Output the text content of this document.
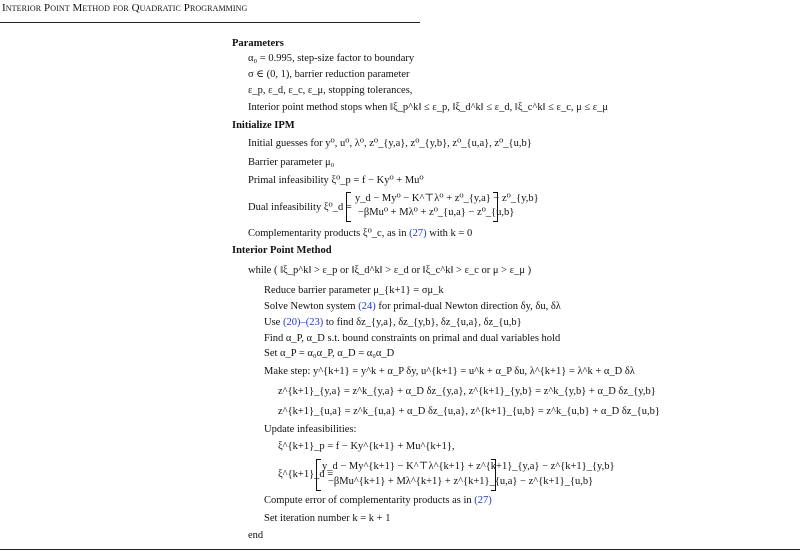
Interior Point Method for Quadratic Programming
Parameters
α₀ = 0.995, step-size factor to boundary
σ ∈ (0, 1), barrier reduction parameter
ε_p, ε_d, ε_c, ε_μ, stopping tolerances,
Interior point method stops when ‖ξ_p^k‖ ≤ ε_p, ‖ξ_d^k‖ ≤ ε_d, ‖ξ_c^k‖ ≤ ε_c, μ ≤ ε_μ
Initialize IPM
Initial guesses for y⁰, u⁰, λ⁰, z⁰_{y,a}, z⁰_{y,b}, z⁰_{u,a}, z⁰_{u,b}
Barrier parameter μ₀
Primal infeasibility ξ⁰_p = f − Ky⁰ + Mu⁰
Dual infeasibility ξ⁰_d =
y_d − My⁰ − K^⊤λ⁰ + z⁰_{y,a} − z⁰_{y,b}
−βMu⁰ + Mλ⁰ + z⁰_{u,a} − z⁰_{u,b}
Complementarity products ξ⁰_c, as in (27) with k = 0
Interior Point Method
while ( ‖ξ_p^k‖ > ε_p or ‖ξ_d^k‖ > ε_d or ‖ξ_c^k‖ > ε_c or μ > ε_μ )
Reduce barrier parameter μ_{k+1} = σμ_k
Solve Newton system (24) for primal-dual Newton direction δy, δu, δλ
Use (20)–(23) to find δz_{y,a}, δz_{y,b}, δz_{u,a}, δz_{u,b}
Find α_P, α_D s.t. bound constraints on primal and dual variables hold
Set α_P = α₀α_P, α_D = α₀α_D
Make step: y^{k+1} = y^k + α_P δy, u^{k+1} = u^k + α_P δu, λ^{k+1} = λ^k + α_D δλ
z^{k+1}_{y,a} = z^k_{y,a} + α_D δz_{y,a}, z^{k+1}_{y,b} = z^k_{y,b} + α_D δz_{y,b}
z^{k+1}_{u,a} = z^k_{u,a} + α_D δz_{u,a}, z^{k+1}_{u,b} = z^k_{u,b} + α_D δz_{u,b}
Update infeasibilities:
ξ^{k+1}_p = f − Ky^{k+1} + Mu^{k+1},
ξ^{k+1}_d =
y_d − My^{k+1} − K^⊤λ^{k+1} + z^{k+1}_{y,a} − z^{k+1}_{y,b}
−βMu^{k+1} + Mλ^{k+1} + z^{k+1}_{u,a} − z^{k+1}_{u,b}
Compute error of complementarity products as in (27)
Set iteration number k = k + 1
end
